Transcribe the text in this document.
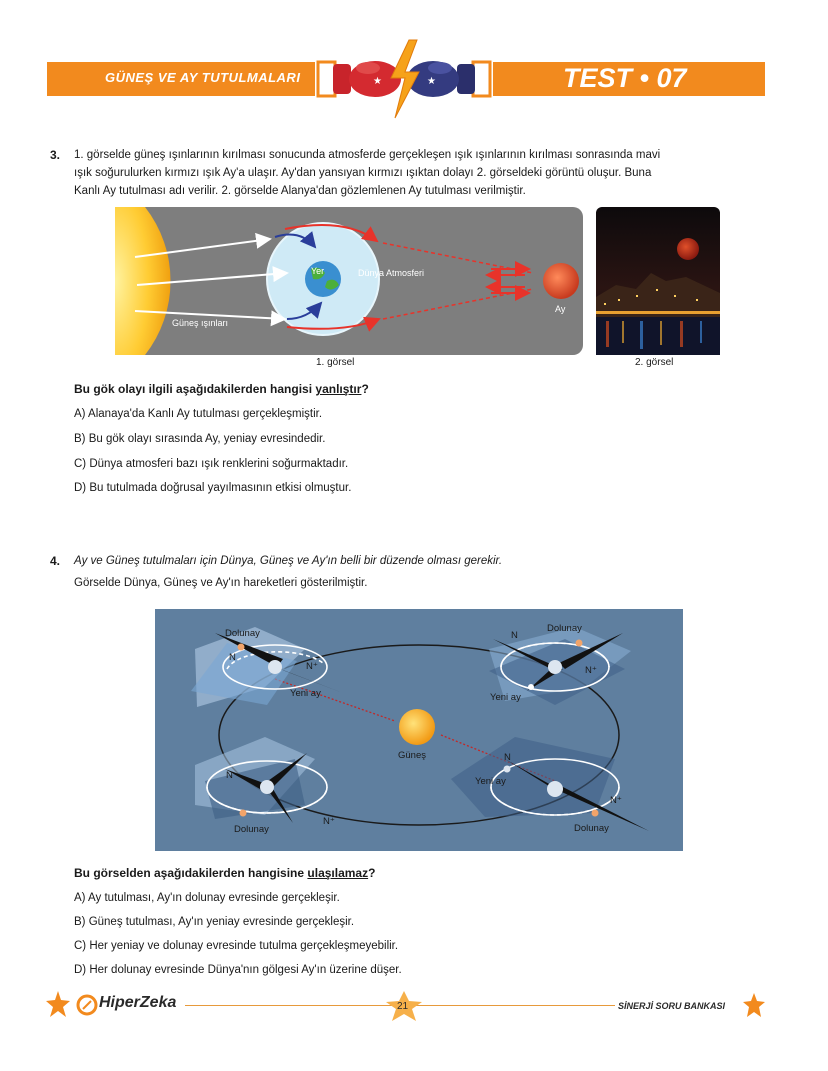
GÜNEŞ VE AY TUTULMALARI	★	★	TEST • 07
3. 1. görselde güneş ışınlarının kırılması sonucunda atmosferde gerçekleşen ışık ışınlarının kırılması sonrasında mavi
ışık soğurulurken kırmızı ışık Ay'a ulaşır. Ay'dan yansıyan kırmızı ışıktan dolayı 2. görseldeki görüntü oluşur. Buna
Kanlı Ay tutulması adı verilir. 2. görselde Alanya'dan gözlemlenen Ay tutulması verilmiştir.
Yer	Dünya Atmosferi
Güneş ışınları
Ay
1. görsel	2. görsel
Bu gök olayı ilgili aşağıdakilerden hangisi yanlıştır?
A) Alanaya'da Kanlı Ay tutulması gerçekleşmiştir.
B) Bu gök olayı sırasında Ay, yeniay evresindedir.
C) Dünya atmosferi bazı ışık renklerini soğurmaktadır.
D) Bu tutulmada doğrusal yayılmasının etkisi olmuştur.
4. Ay ve Güneş tutulmaları için Dünya, Güneş ve Ay'ın belli bir düzende olması gerekir.
Görselde Dünya, Güneş ve Ay'ın hareketleri gösterilmiştir.
Dolunay
N
N⁺
Yeni ay
Dolunay
N
N⁺
Yeni ay
Güneş
N
Dolunay
N⁺
N
Yeni ay
N⁺
Dolunay
Bu görselden aşağıdakilerden hangisine ulaşılamaz?
A) Ay tutulması, Ay'ın dolunay evresinde gerçekleşir.
B) Güneş tutulması, Ay'ın yeniay evresinde gerçekleşir.
C) Her yeniay ve dolunay evresinde tutulma gerçekleşmeyebilir.
D) Her dolunay evresinde Dünya'nın gölgesi Ay'ın üzerine düşer.
HiperZeka	21	SİNERJİ SORU BANKASI
